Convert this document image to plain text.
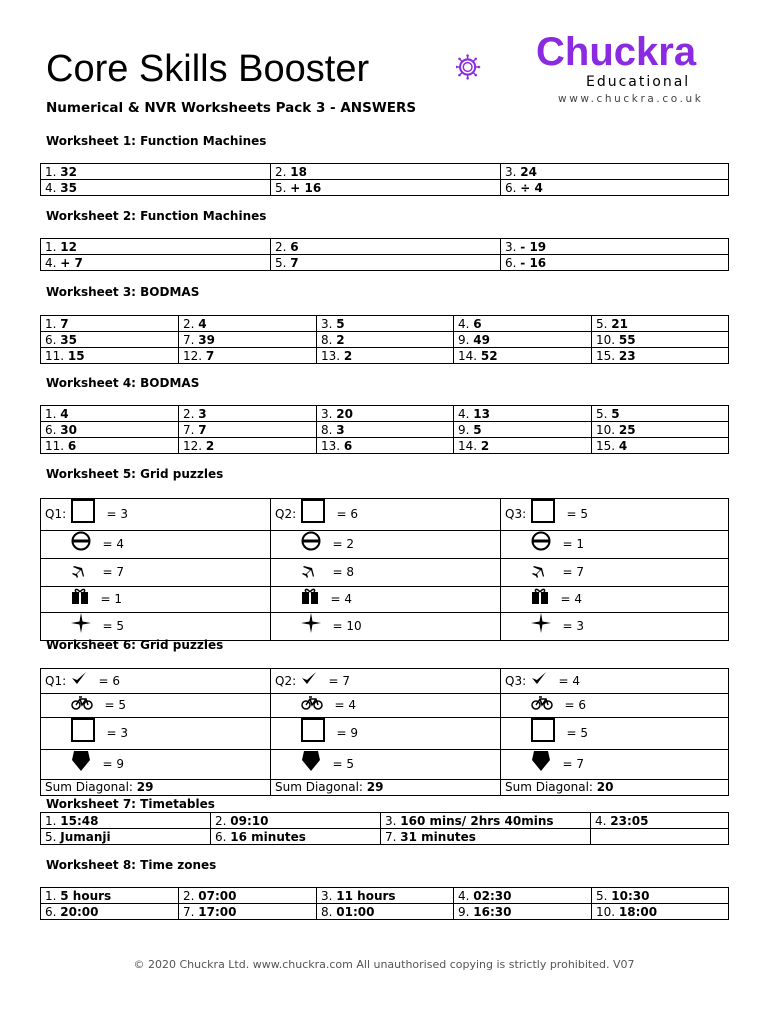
Core Skills Booster
Numerical & NVR Worksheets Pack 3 - ANSWERS
C Chuckra
Educational
www.chuckra.co.uk
Worksheet 1: Function Machines
1. 32	2. 18	3. 24
4. 35	5. + 16	6. ÷ 4
Worksheet 2: Function Machines
1. 12	2. 6	3. - 19
4. + 7	5. 7	6. - 16
Worksheet 3: BODMAS
1. 7	2. 4	3. 5	4. 6	5. 21
6. 35	7. 39	8. 2	9. 49	10. 55
11. 15	12. 7	13. 2	14. 52	15. 23
Worksheet 4: BODMAS
1. 4	2. 3	3. 20	4. 13	5. 5
6. 30	7. 7	8. 3	9. 5	10. 25
11. 6	12. 2	13. 6	14. 2	15. 4
Worksheet 5: Grid puzzles
Q1: = 3	Q2: = 6	Q3: = 5
= 4	= 2	= 1
= 7	= 8	= 7
= 1	= 4	= 4
= 5	= 10	= 3
Worksheet 6: Grid puzzles
Q1: = 6	Q2: = 7	Q3: = 4
= 5	= 4	= 6
= 3	= 9	= 5
= 9	= 5	= 7
Sum Diagonal: 29	Sum Diagonal: 29	Sum Diagonal: 20
Worksheet 7: Timetables
1. 15:48	2. 09:10	3. 160 mins/ 2hrs 40mins	4. 23:05
5. Jumanji	6. 16 minutes	7. 31 minutes	
Worksheet 8: Time zones
1. 5 hours	2. 07:00	3. 11 hours	4. 02:30	5. 10:30
6. 20:00	7. 17:00	8. 01:00	9. 16:30	10. 18:00
© 2020 Chuckra Ltd. www.chuckra.com All unauthorised copying is strictly prohibited. V07
